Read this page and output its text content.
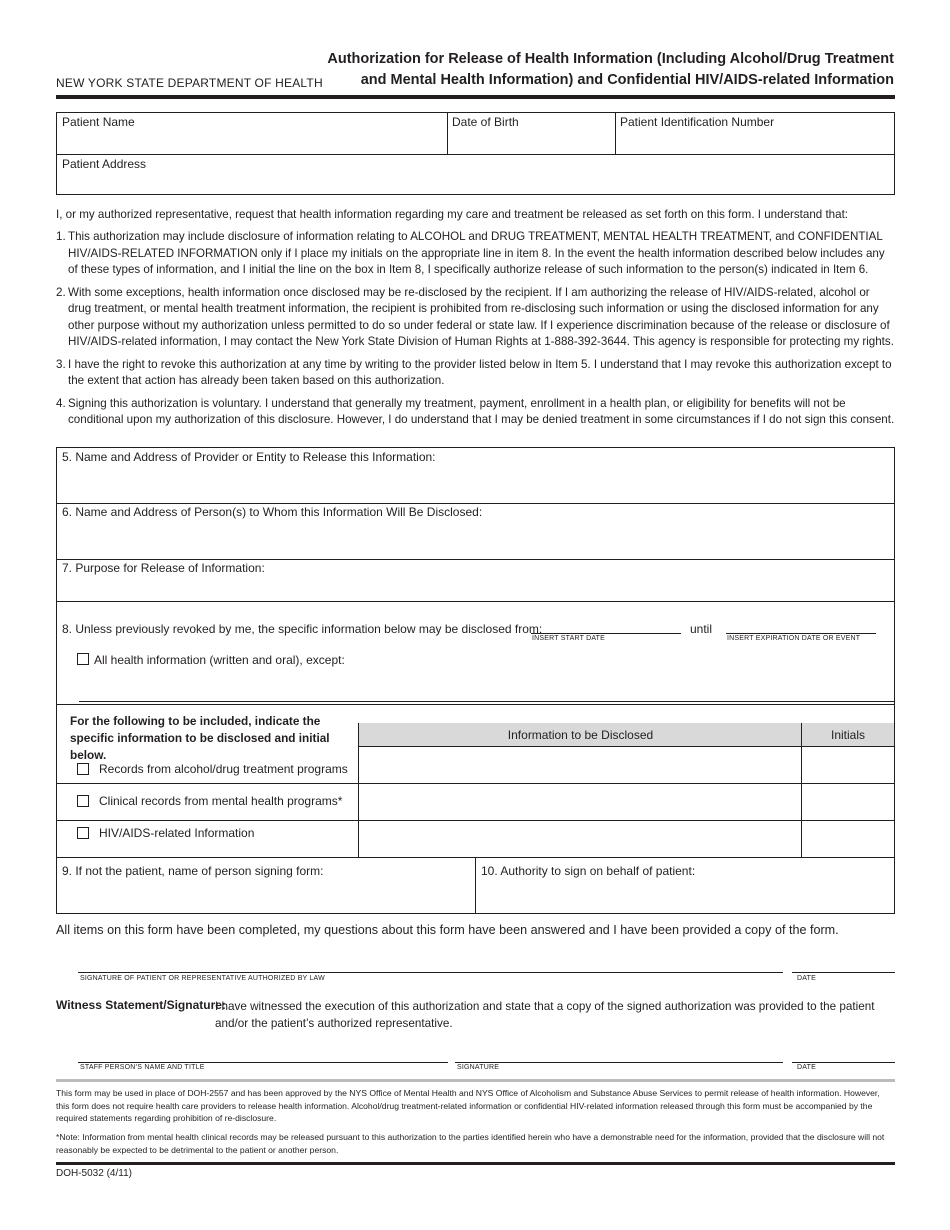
NEW YORK STATE DEPARTMENT OF HEALTH
Authorization for Release of Health Information (Including Alcohol/Drug Treatment
and Mental Health Information) and Confidential HIV/AIDS-related Information
Patient Name	Date of Birth	Patient Identification Number
Patient Address
I, or my authorized representative, request that health information regarding my care and treatment be released as set forth on this form. I understand that:
1. This authorization may include disclosure of information relating to ALCOHOL and DRUG TREATMENT, MENTAL HEALTH TREATMENT, and CONFIDENTIAL HIV/AIDS-RELATED INFORMATION only if I place my initials on the appropriate line in item 8. In the event the health information described below includes any of these types of information, and I initial the line on the box in Item 8, I specifically authorize release of such information to the person(s) indicated in Item 6.
2. With some exceptions, health information once disclosed may be re-disclosed by the recipient. If I am authorizing the release of HIV/AIDS-related, alcohol or drug treatment, or mental health treatment information, the recipient is prohibited from re-disclosing such information or using the disclosed information for any other purpose without my authorization unless permitted to do so under federal or state law. If I experience discrimination because of the release or disclosure of HIV/AIDS-related information, I may contact the New York State Division of Human Rights at 1-888-392-3644. This agency is responsible for protecting my rights.
3. I have the right to revoke this authorization at any time by writing to the provider listed below in Item 5. I understand that I may revoke this authorization except to the extent that action has already been taken based on this authorization.
4. Signing this authorization is voluntary. I understand that generally my treatment, payment, enrollment in a health plan, or eligibility for benefits will not be conditional upon my authorization of this disclosure. However, I do understand that I may be denied treatment in some circumstances if I do not sign this consent.
5. Name and Address of Provider or Entity to Release this Information:
6. Name and Address of Person(s) to Whom this Information Will Be Disclosed:
7. Purpose for Release of Information:
8. Unless previously revoked by me, the specific information below may be disclosed from:
INSERT START DATE
until
INSERT EXPIRATION DATE OR EVENT
All health information (written and oral), except:
For the following to be included, indicate the specific information to be disclosed and initial below.
Information to be Disclosed	Initials
Records from alcohol/drug treatment programs
Clinical records from mental health programs*
HIV/AIDS-related Information
9. If not the patient, name of person signing form:	10. Authority to sign on behalf of patient:
All items on this form have been completed, my questions about this form have been answered and I have been provided a copy of the form.
SIGNATURE OF PATIENT OR REPRESENTATIVE AUTHORIZED BY LAW	DATE
Witness Statement/Signature:
I have witnessed the execution of this authorization and state that a copy of the signed authorization was provided to the patient and/or the patient’s authorized representative.
STAFF PERSON’S NAME AND TITLE	SIGNATURE	DATE
This form may be used in place of DOH-2557 and has been approved by the NYS Office of Mental Health and NYS Office of Alcoholism and Substance Abuse Services to permit release of health information. However, this form does not require health care providers to release health information. Alcohol/drug treatment-related information or confidential HIV-related information released through this form must be accompanied by the required statements regarding prohibition of re-disclosure.
*Note: Information from mental health clinical records may be released pursuant to this authorization to the parties identified herein who have a demonstrable need for the information, provided that the disclosure will not reasonably be expected to be detrimental to the patient or another person.
DOH-5032 (4/11)
